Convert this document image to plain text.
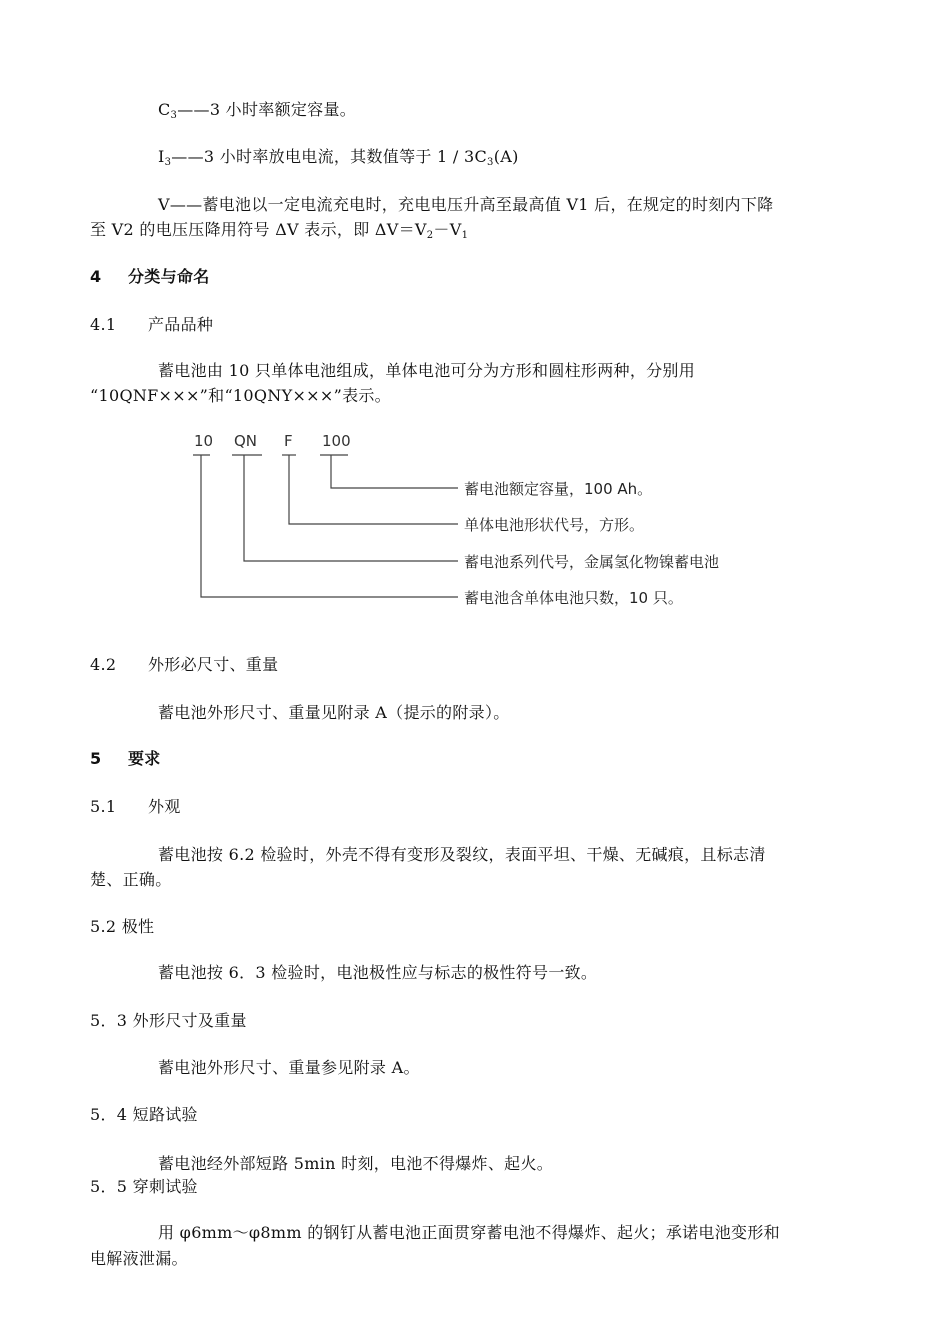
$C_3——3$ 小时率额定容量。
$I_3——3$ 小时率放电电流，其数值等于 $1 / 3C_3(A)$
V——蓄电池以一定电流充电时，充电电压升高至最高值 V1 后，在规定的时刻内下降
至 V2 的电压压降用符号 ΔV 表示，即 $\Delta V=V_2-V_1$
4 分类与命名
4.1 产品品种
蓄电池由 10 只单体电池组成，单体电池可分为方形和圆柱形两种，分别用
“10QNF×××”和“10QNY×××”表示。
10 QN F 100
蓄电池额定容量，100 Ah。
单体电池形状代号，方形。
蓄电池系列代号，金属氢化物镍蓄电池
蓄电池含单体电池只数，10 只。
4.2 外形必尺寸、重量
蓄电池外形尺寸、重量见附录 A（提示的附录）。
5 要求
5.1 外观
蓄电池按 6.2 检验时，外壳不得有变形及裂纹，表面平坦、干燥、无碱痕，且标志清
楚、正确。
5.2 极性
蓄电池按 6．3 检验时，电池极性应与标志的极性符号一致。
5．3 外形尺寸及重量
蓄电池外形尺寸、重量参见附录 A。
5．4 短路试验
蓄电池经外部短路 5min 时刻，电池不得爆炸、起火。
5．5 穿刺试验
用 φ6mm～φ8mm 的钢钉从蓄电池正面贯穿蓄电池不得爆炸、起火；承诺电池变形和
电解液泄漏。
